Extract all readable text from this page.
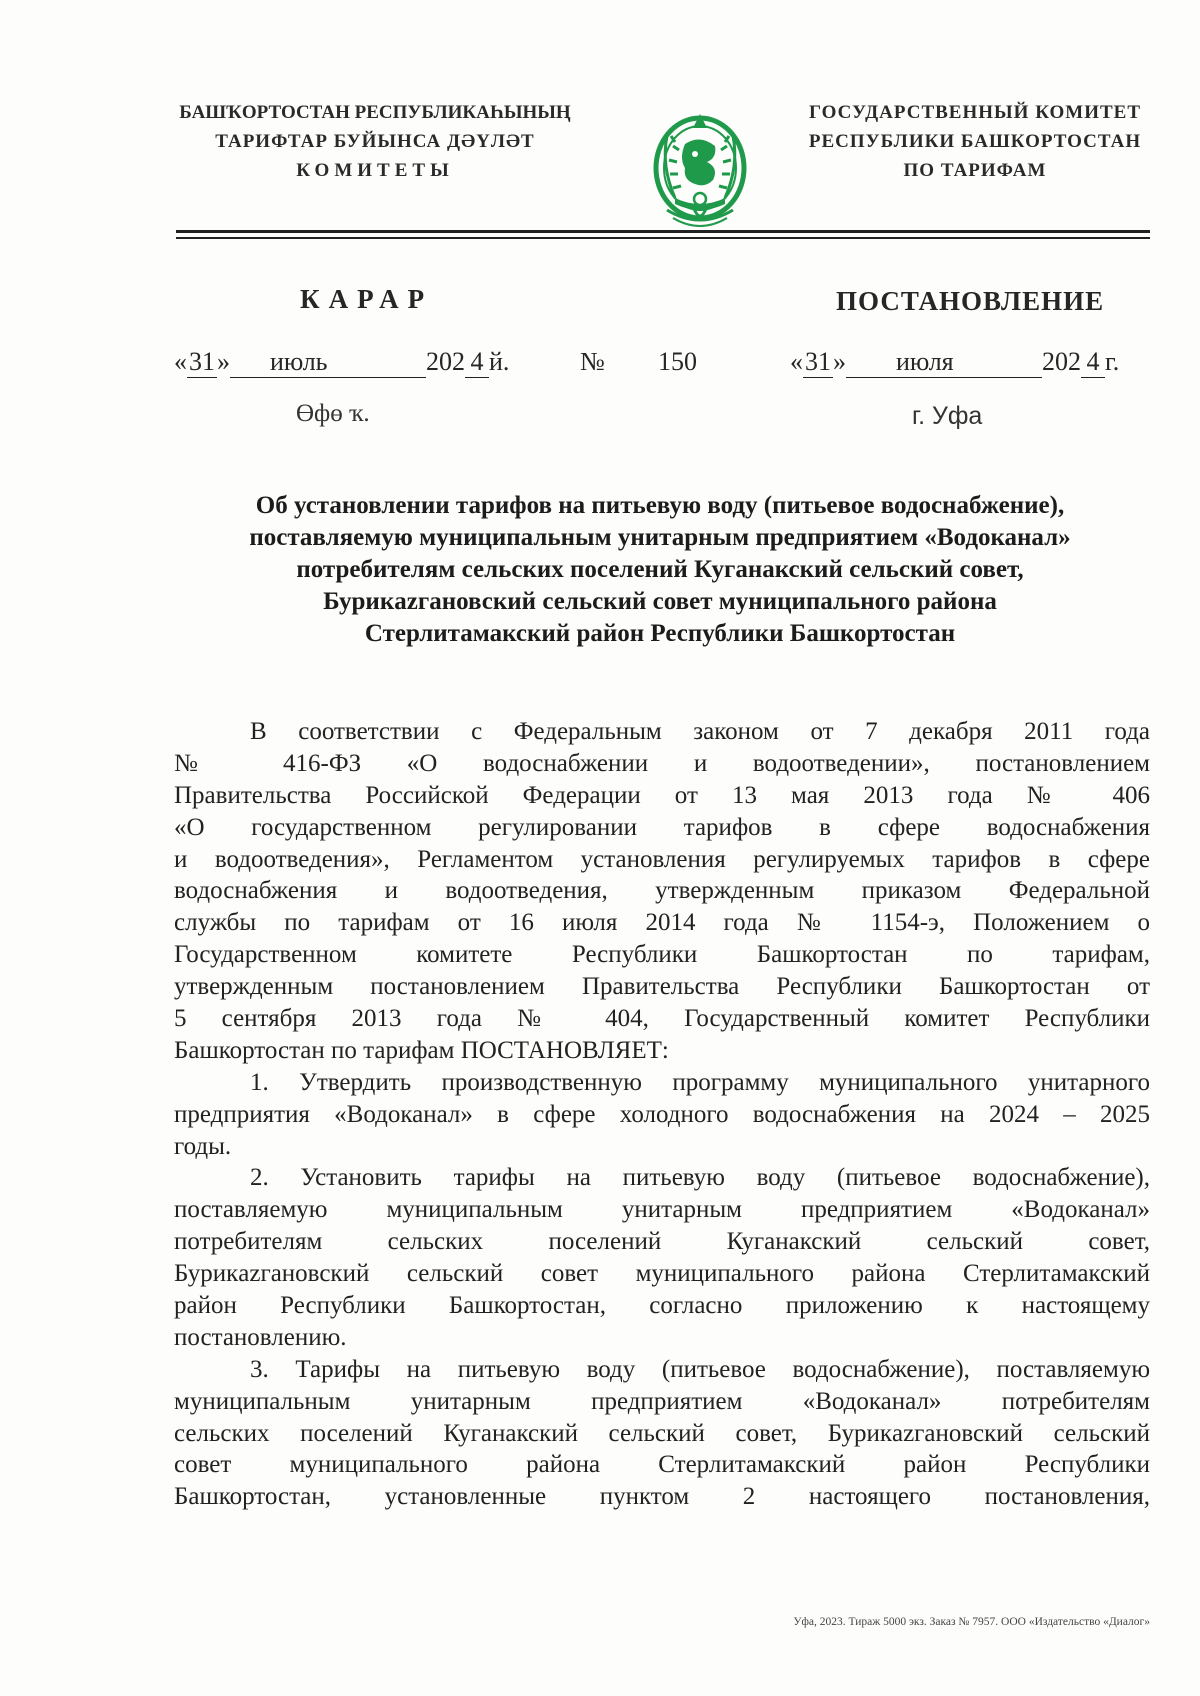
БАШҠОРТОСТАН РЕСПУБЛИКАҺЫНЫҢ
ТАРИФТАР БУЙЫНСА ДӘҮЛӘТ
КОМИТЕТЫ
ГОСУДАРСТВЕННЫЙ КОМИТЕТ
РЕСПУБЛИКИ БАШКОРТОСТАН
ПО ТАРИФАМ
КАРАР	ПОСТАНОВЛЕНИЕ
«31» июль	202 4 й.	№ 150	«31» июля	202 4 г.
Өфө ҡ.	г. Уфа
Об установлении тарифов на питьевую воду (питьевое водоснабжение),
поставляемую муниципальным унитарным предприятием «Водоканал»
потребителям сельских поселений Куганакский сельский совет,
Бурикazгановский сельский совет муниципального района
Стерлитамакский район Республики Башкортостан
В соответствии с Федеральным законом от 7 декабря 2011 года
№ 416-ФЗ «О водоснабжении и водоотведении», постановлением
Правительства Российской Федерации от 13 мая 2013 года № 406
«О государственном регулировании тарифов в сфере водоснабжения
и водоотведения», Регламентом установления регулируемых тарифов в сфере
водоснабжения и водоотведения, утвержденным приказом Федеральной
службы по тарифам от 16 июля 2014 года № 1154-э, Положением о
Государственном комитете Республики Башкортостан по тарифам,
утвержденным постановлением Правительства Республики Башкортостан от
5 сентября 2013 года № 404, Государственный комитет Республики
Башкортостан по тарифам ПОСТАНОВЛЯЕТ:
1. Утвердить производственную программу муниципального унитарного
предприятия «Водоканал» в сфере холодного водоснабжения на 2024 – 2025
годы.
2. Установить тарифы на питьевую воду (питьевое водоснабжение),
поставляемую муниципальным унитарным предприятием «Водоканал»
потребителям сельских поселений Куганакский сельский совет,
Бурикazгановский сельский совет муниципального района Стерлитамакский
район Республики Башкортостан, согласно приложению к настоящему
постановлению.
3. Тарифы на питьевую воду (питьевое водоснабжение), поставляемую
муниципальным унитарным предприятием «Водоканал» потребителям
сельских поселений Куганакский сельский совет, Бурикazгановский сельский
совет муниципального района Стерлитамакский район Республики
Башкортостан, установленные пунктом 2 настоящего постановления,
Уфа, 2023. Тираж 5000 экз. Заказ № 7957. ООО «Издательство «Диалог»
